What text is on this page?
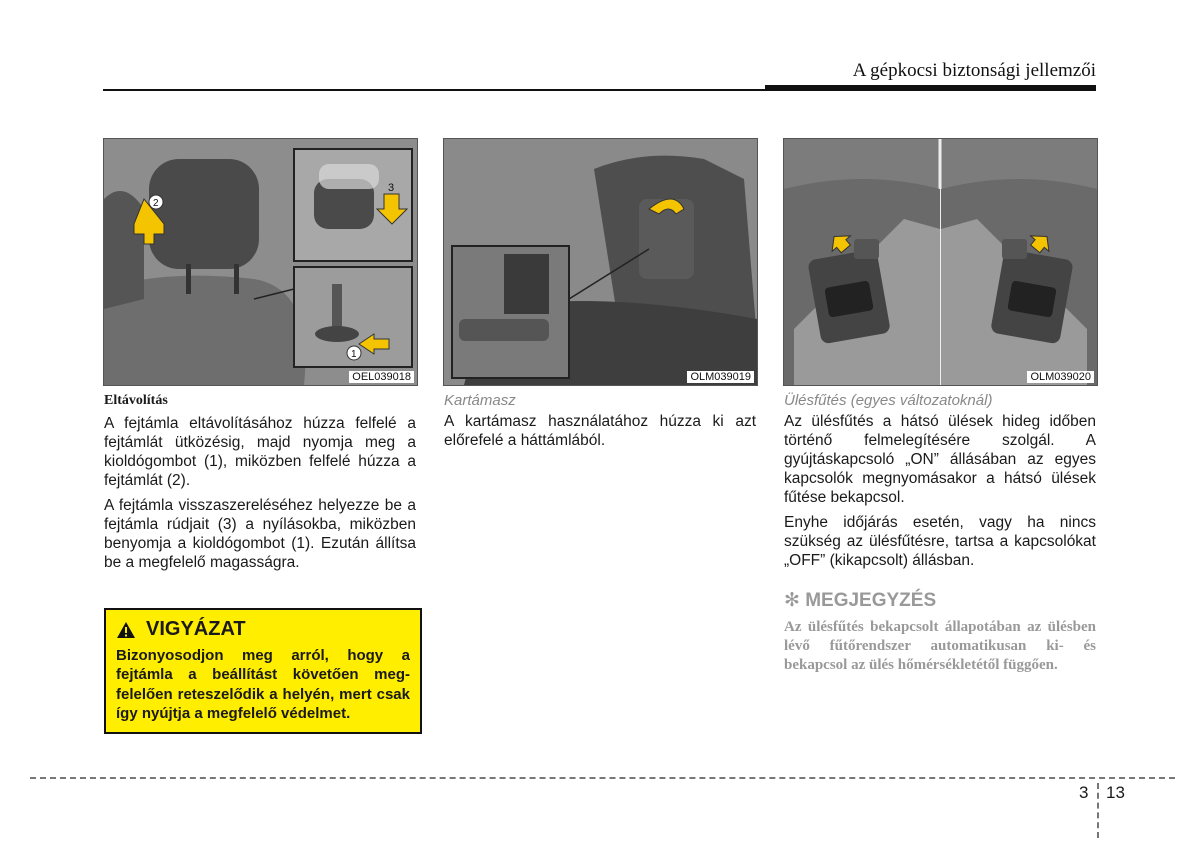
A gépkocsi biztonsági jellemzői
2
3
1
OEL039018	OLM039019	OLM039020
Eltávolítás

A fejtámla eltávolításához húzza felfelé a fejtámlát ütközésig, majd nyomja meg a kioldógombot (1), miközben felfelé húzza a fejtámlát (2).

A fejtámla visszaszereléséhez helyezze be a fejtámla rúdjait (3) a nyílásokba, miközben benyomja a kioldógombot (1). Ezután állítsa be a megfelelő magasságra.

VIGYÁZAT
Bizonyosodjon meg arról, hogy a fejtámla a beállítást követően megfelelően reteszelődik a helyén, mert csak így nyújtja a megfelelő védelmet.
Kartámasz

A kartámasz használatához húzza ki azt előrefelé a háttámlából.

Ülésfűtés (egyes változatoknál)

Az ülésfűtés a hátsó ülések hideg időben történő felmelegítésére szolgál. A gyújtáskapcsoló „ON” állásában az egyes kapcsolók megnyomásakor a hátsó ülések fűtése bekapcsol.

Enyhe időjárás esetén, vagy ha nincs szükség az ülésfűtésre, tartsa a kapcsolókat „OFF” (kikapcsolt) állásban.

✻ MEGJEGYZÉS
Az ülésfűtés bekapcsolt állapotában az ülésben lévő fűtőrendszer automatikusan ki- és bekapcsol az ülés hőmérsékletétől függően.
3 13
